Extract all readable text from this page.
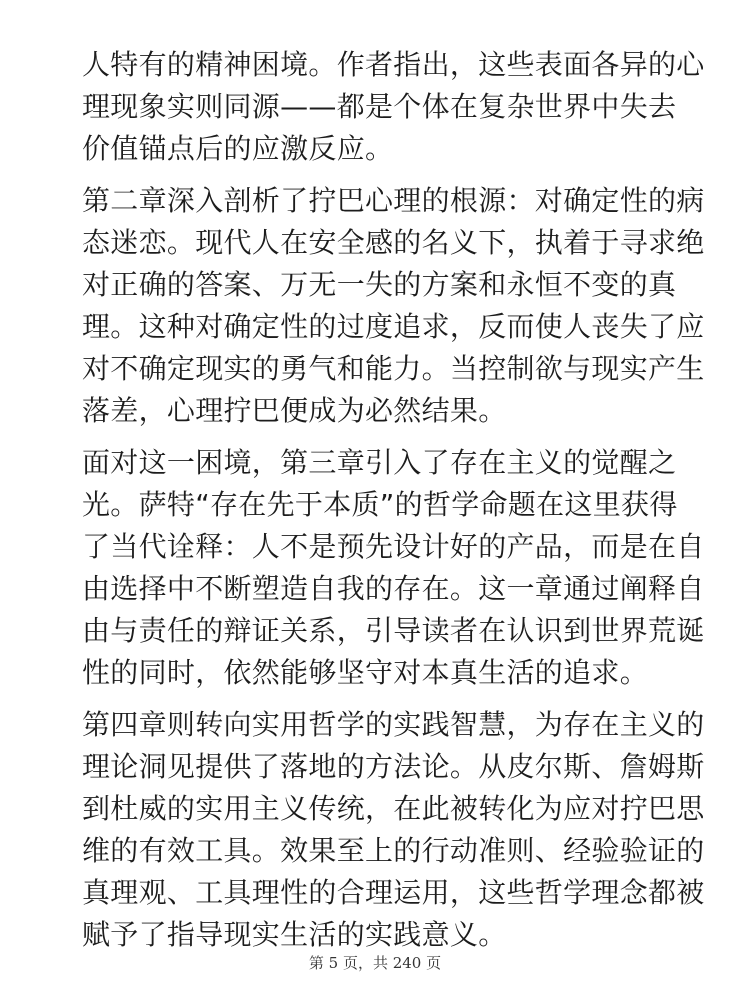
人特有的精神困境。作者指出，这些表面各异的心
理现象实则同源——都是个体在复杂世界中失去
价值锚点后的应激反应。

第二章深入剖析了拧巴心理的根源：对确定性的病
态迷恋。现代人在安全感的名义下，执着于寻求绝
对正确的答案、万无一失的方案和永恒不变的真
理。这种对确定性的过度追求，反而使人丧失了应
对不确定现实的勇气和能力。当控制欲与现实产生
落差，心理拧巴便成为必然结果。

面对这一困境，第三章引入了存在主义的觉醒之
光。萨特“存在先于本质”的哲学命题在这里获得
了当代诠释：人不是预先设计好的产品，而是在自
由选择中不断塑造自我的存在。这一章通过阐释自
由与责任的辩证关系，引导读者在认识到世界荒诞
性的同时，依然能够坚守对本真生活的追求。

第四章则转向实用哲学的实践智慧，为存在主义的
理论洞见提供了落地的方法论。从皮尔斯、詹姆斯
到杜威的实用主义传统，在此被转化为应对拧巴思
维的有效工具。效果至上的行动准则、经验验证的
真理观、工具理性的合理运用，这些哲学理念都被
赋予了指导现实生活的实践意义。

第 5 页，共 240 页
